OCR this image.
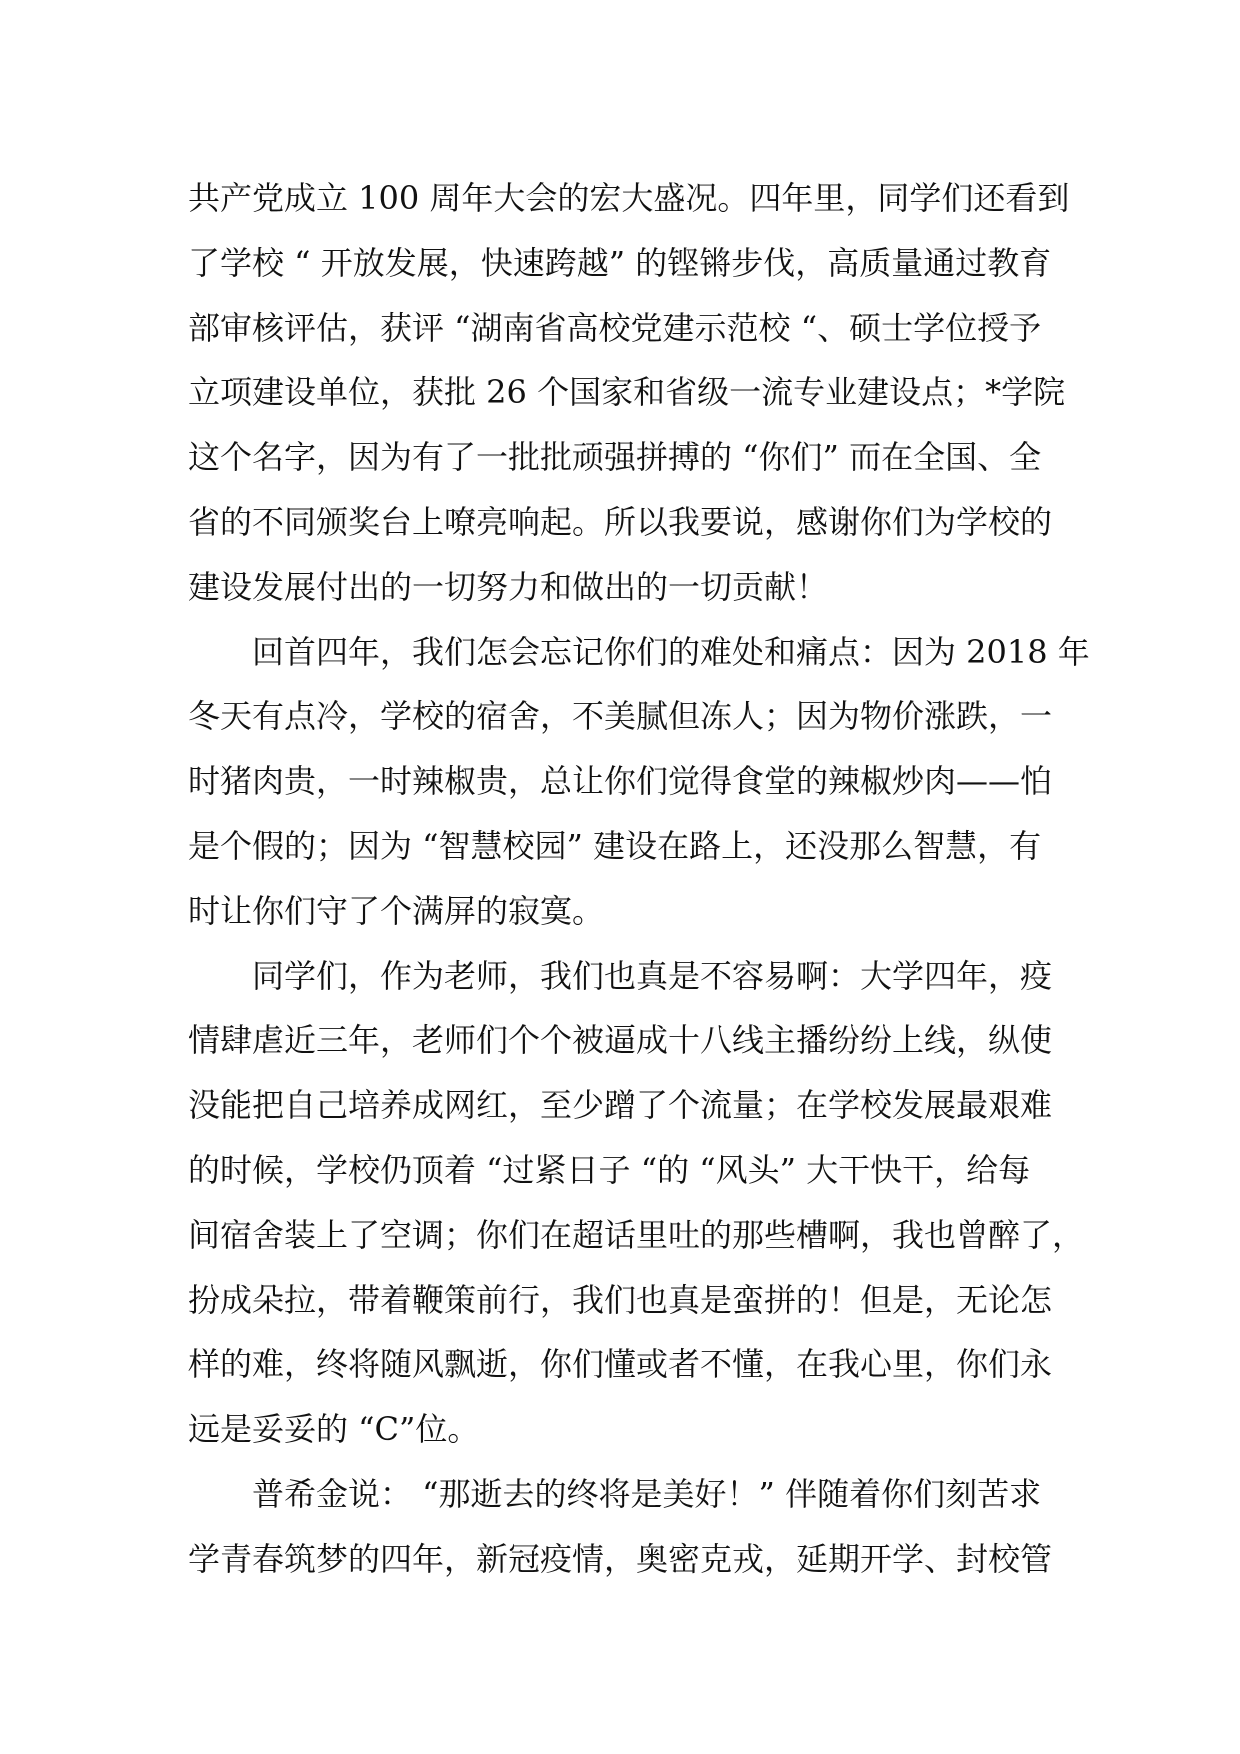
共产党成立 100 周年大会的宏大盛况。四年里，同学们还看到
了学校 “ 开放发展，快速跨越” 的铿锵步伐，高质量通过教育
部审核评估，获评 “湖南省高校党建示范校 “、硕士学位授予
立项建设单位，获批 26 个国家和省级一流专业建设点；*学院
这个名字，因为有了一批批顽强拼搏的 “你们” 而在全国、全
省的不同颁奖台上嘹亮响起。所以我要说，感谢你们为学校的
建设发展付出的一切努力和做出的一切贡献！
回首四年，我们怎会忘记你们的难处和痛点：因为 2018 年
冬天有点冷，学校的宿舍，不美腻但冻人；因为物价涨跌，一
时猪肉贵，一时辣椒贵，总让你们觉得食堂的辣椒炒肉——怕
是个假的；因为 “智慧校园” 建设在路上，还没那么智慧，有
时让你们守了个满屏的寂寞。
同学们，作为老师，我们也真是不容易啊：大学四年，疫
情肆虐近三年，老师们个个被逼成十八线主播纷纷上线，纵使
没能把自己培养成网红，至少蹭了个流量；在学校发展最艰难
的时候，学校仍顶着 “过紧日子 “的 “风头” 大干快干，给每
间宿舍装上了空调；你们在超话里吐的那些槽啊，我也曾醉了，
扮成朵拉，带着鞭策前行，我们也真是蛮拼的！但是，无论怎
样的难，终将随风飘逝，你们懂或者不懂，在我心里，你们永
远是妥妥的 “C”位。
普希金说： “那逝去的终将是美好！” 伴随着你们刻苦求
学青春筑梦的四年，新冠疫情，奥密克戎，延期开学、封校管
